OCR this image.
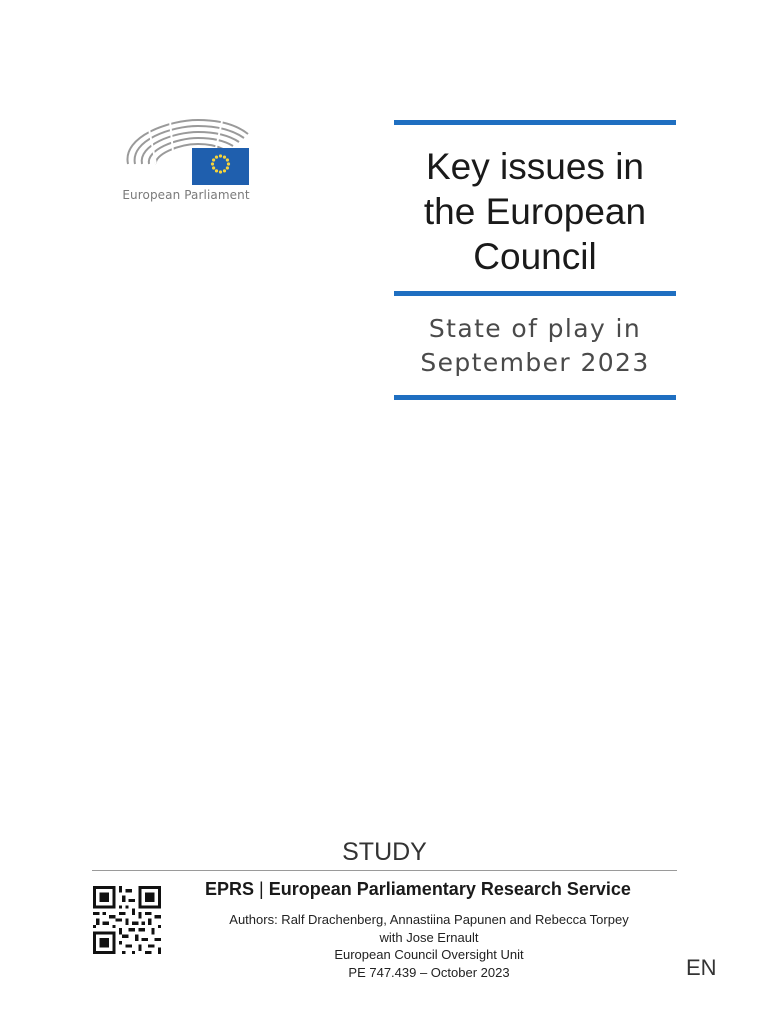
European Parliament
Key issues in
the European
Council
State of play in
September 2023
STUDY
EPRS | European Parliamentary Research Service
Authors: Ralf Drachenberg, Annastiina Papunen and Rebecca Torpey
with Jose Ernault
European Council Oversight Unit
PE 747.439 – October 2023	EN
